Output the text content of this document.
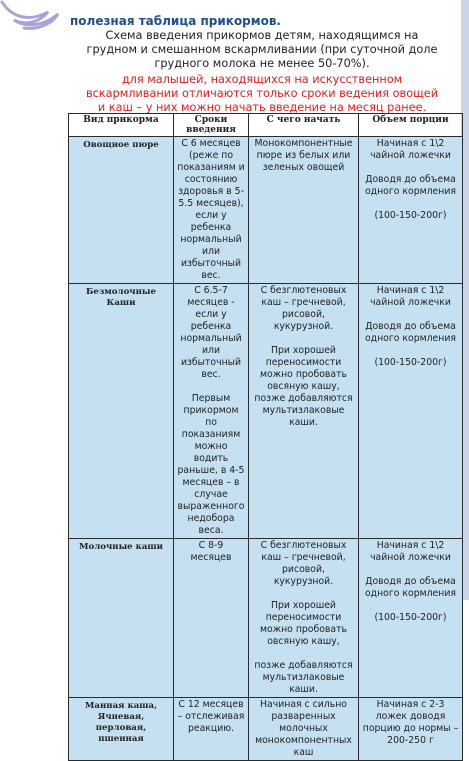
полезная таблица прикормов.
Схема введения прикормов детям, находящимся на грудном и смешанном вскармливании (при суточной доле грудного молока не менее 50-70%).
для малышей, находящихся на искусственном вскармливании отличаются только сроки ведения овощей и каш – у них можно начать введение на месяц ранее.
Вид прикорма	Сроки введения	С чего начать	Объем порции

Овощное пюре	С 6 месяцев (реже по показаниям и состоянию здоровья в 5-5.5 месяцев), если у ребенка нормальный или избыточный вес.	Монокомпонентные пюре из белых или зеленых овощей	Начиная с 1\2 чайной ложечки
Доводя до объема одного кормления
(100-150-200г)

Безмолочные Каши	С 6.5-7 месяцев - если у ребенка нормальный или избыточный вес.
Первым прикормом по показаниям можно водить раньше, в 4-5 месяцев – в случае выраженного недобора веса.	С безглютеновых каш – гречневой, рисовой, кукурузной.
При хорошей переносимости можно пробовать овсяную кашу, позже добавляются мультизлаковые каши.	Начиная с 1\2 чайной ложечки
Доводя до объема одного кормления
(100-150-200г)

Молочные каши	С 8-9 месяцев	С безглютеновых каш – гречневой, рисовой, кукурузной.
При хорошей переносимости можно пробовать овсяную кашу,
позже добавляются мультизлаковые каши.	Начиная с 1\2 чайной ложечки
Доводя до объема одного кормления
(100-150-200г)

Манная каша, Ячневая, перловая, пшенная	С 12 месяцев – отслеживая реакцию.	Начиная с сильно разваренных молочных монокомпонентных каш	Начиная с 2-3 ложек доводя порцию до нормы – 200-250 г
